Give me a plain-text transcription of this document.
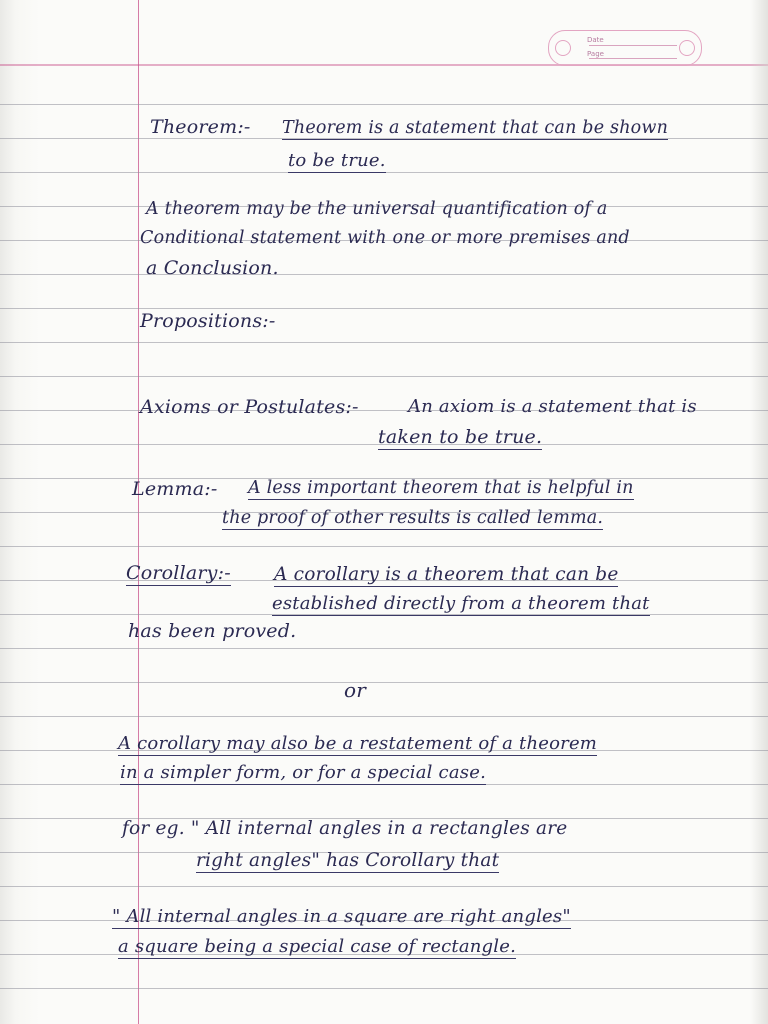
Date
Page
Theorem:- Theorem is a statement that can be shown
to be true.
A theorem may be the universal quantification of a
Conditional statement with one or more premises and
a Conclusion.
Propositions:-
Axioms or Postulates:-	An axiom is a statement that is
taken to be true.
Lemma:- A less important theorem that is helpful in
the proof of other results is called lemma.
Corollary:- A corollary is a theorem that can be
established directly from a theorem that
has been proved.
or
A corollary may also be a restatement of a theorem
in a simpler form, or for a special case.
for eg. " All internal angles in a rectangles are
right angles" has Corollary that
" All internal angles in a square are right angles"
a square being a special case of rectangle.
